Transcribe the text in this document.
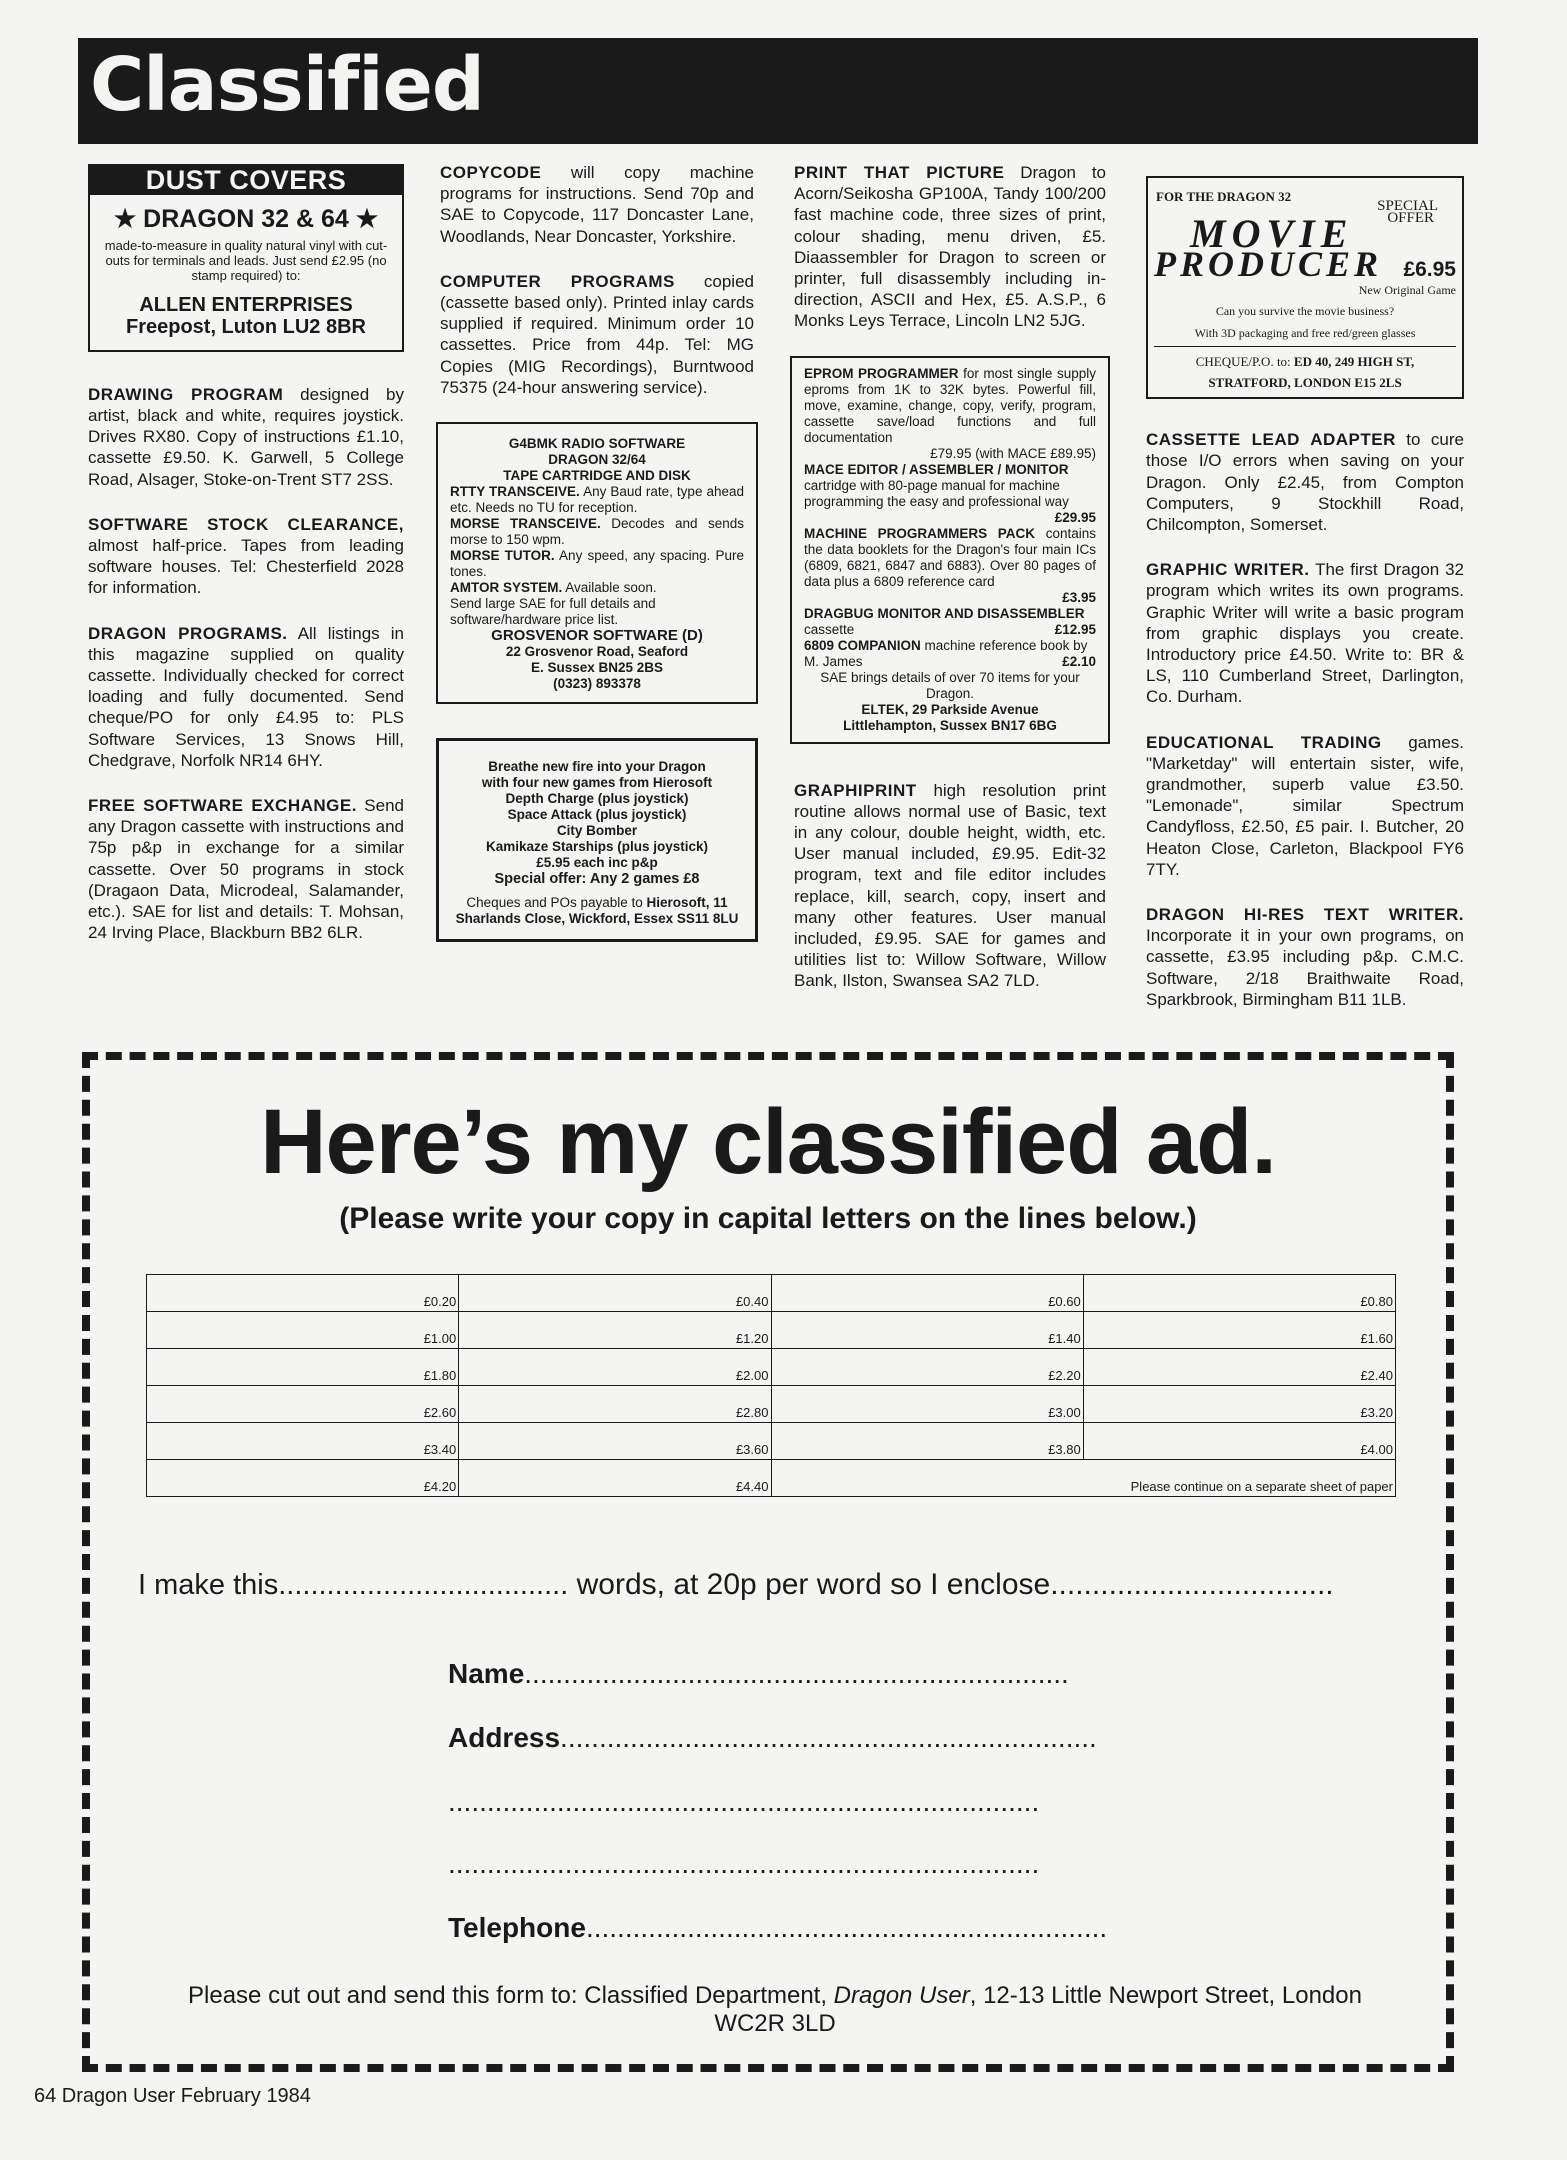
Classified
DUST COVERS
★ DRAGON 32 & 64 ★
made-to-measure in quality natural vinyl with cut-outs for terminals and leads. Just send £2.95 (no stamp required) to:
ALLEN ENTERPRISES
Freepost, Luton LU2 8BR

DRAWING PROGRAM designed by artist, black and white, requires joystick. Drives RX80. Copy of instructions £1.10, cassette £9.50. K. Garwell, 5 College Road, Alsager, Stoke-on-Trent ST7 2SS.

SOFTWARE STOCK CLEARANCE, almost half-price. Tapes from leading software houses. Tel: Chesterfield 2028 for information.

DRAGON PROGRAMS. All listings in this magazine supplied on quality cassette. Individually checked for correct loading and fully documented. Send cheque/PO for only £4.95 to: PLS Software Services, 13 Snows Hill, Chedgrave, Norfolk NR14 6HY.

FREE SOFTWARE EXCHANGE. Send any Dragon cassette with instructions and 75p p&p in exchange for a similar cassette. Over 50 programs in stock (Dragaon Data, Microdeal, Salamander, etc.). SAE for list and details: T. Mohsan, 24 Irving Place, Blackburn BB2 6LR.

COPYCODE will copy machine programs for instructions. Send 70p and SAE to Copycode, 117 Doncaster Lane, Woodlands, Near Doncaster, Yorkshire.

COMPUTER PROGRAMS copied (cassette based only). Printed inlay cards supplied if required. Minimum order 10 cassettes. Price from 44p. Tel: MG Copies (MIG Recordings), Burntwood 75375 (24-hour answering service).

G4BMK RADIO SOFTWARE
DRAGON 32/64
TAPE CARTRIDGE AND DISK
RTTY TRANSCEIVE. Any Baud rate, type ahead etc. Needs no TU for reception.
MORSE TRANSCEIVE. Decodes and sends morse to 150 wpm.
MORSE TUTOR. Any speed, any spacing. Pure tones.
AMTOR SYSTEM. Available soon.
Send large SAE for full details and software/hardware price list.
GROSVENOR SOFTWARE (D)
22 Grosvenor Road, Seaford
E. Sussex BN25 2BS
(0323) 893378
Breathe new fire into your Dragon
with four new games from Hierosoft
Depth Charge (plus joystick)
Space Attack (plus joystick)
City Bomber
Kamikaze Starships (plus joystick)
£5.95 each inc p&p
Special offer: Any 2 games £8
Cheques and POs payable to Hierosoft, 11 Sharlands Close, Wickford, Essex SS11 8LU

PRINT THAT PICTURE Dragon to Acorn/Seikosha GP100A, Tandy 100/200 fast machine code, three sizes of print, colour shading, menu driven, £5. Diaassembler for Dragon to screen or printer, full disassembly including in-direction, ASCII and Hex, £5. A.S.P., 6 Monks Leys Terrace, Lincoln LN2 5JG.

EPROM PROGRAMMER for most single supply eproms from 1K to 32K bytes. Powerful fill, move, examine, change, copy, verify, program, cassette save/load functions and full documentation
£79.95 (with MACE £89.95)
MACE EDITOR / ASSEMBLER / MONITOR cartridge with 80-page manual for machine programming the easy and professional way
£29.95
MACHINE PROGRAMMERS PACK contains the data booklets for the Dragon's four main ICs (6809, 6821, 6847 and 6883). Over 80 pages of data plus a 6809 reference card
£3.95
DRAGBUG MONITOR AND DISASSEMBLER
cassette	£12.95
6809 COMPANION machine reference book by M. James	£2.10
SAE brings details of over 70 items for your Dragon.
ELTEK, 29 Parkside Avenue
Littlehampton, Sussex BN17 6BG

GRAPHIPRINT high resolution print routine allows normal use of Basic, text in any colour, double height, width, etc. User manual included, £9.95. Edit-32 program, text and file editor includes replace, kill, search, copy, insert and many other features. User manual included, £9.95. SAE for games and utilities list to: Willow Software, Willow Bank, Ilston, Swansea SA2 7LD.

FOR THE DRAGON 32
SPECIAL
OFFER
MOVIE
PRODUCER £6.95
New Original Game
Can you survive the movie business?
With 3D packaging and free red/green glasses
CHEQUE/P.O. to: ED 40, 249 HIGH ST,
STRATFORD, LONDON E15 2LS

CASSETTE LEAD ADAPTER to cure those I/O errors when saving on your Dragon. Only £2.45, from Compton Computers, 9 Stockhill Road, Chilcompton, Somerset.

GRAPHIC WRITER. The first Dragon 32 program which writes its own programs. Graphic Writer will write a basic program from graphic displays you create. Introductory price £4.50. Write to: BR & LS, 110 Cumberland Street, Darlington, Co. Durham.

EDUCATIONAL TRADING games. "Marketday" will entertain sister, wife, grandmother, superb value £3.50. "Lemonade", similar Spectrum Candyfloss, £2.50, £5 pair. I. Butcher, 20 Heaton Close, Carleton, Blackpool FY6 7TY.

DRAGON HI-RES TEXT WRITER. Incorporate it in your own programs, on cassette, £3.95 including p&p. C.M.C. Software, 2/18 Braithwaite Road, Sparkbrook, Birmingham B11 1LB.

Here’s my classified ad.
(Please write your copy in capital letters on the lines below.)
£0.20	£0.40	£0.60	£0.80
£1.00	£1.20	£1.40	£1.60
£1.80	£2.00	£2.20	£2.40
£2.60	£2.80	£3.00	£3.20
£3.40	£3.60	£3.80	£4.00
£4.20	£4.40	Please continue on a separate sheet of paper	
I make this.................................... words, at 20p per word so I enclose..................................
Name......................................................................
Address.....................................................................
............................................................................
............................................................................
Telephone...................................................................
Please cut out and send this form to: Classified Department, Dragon User, 12-13 Little Newport Street, London
WC2R 3LD
64 Dragon User February 1984
